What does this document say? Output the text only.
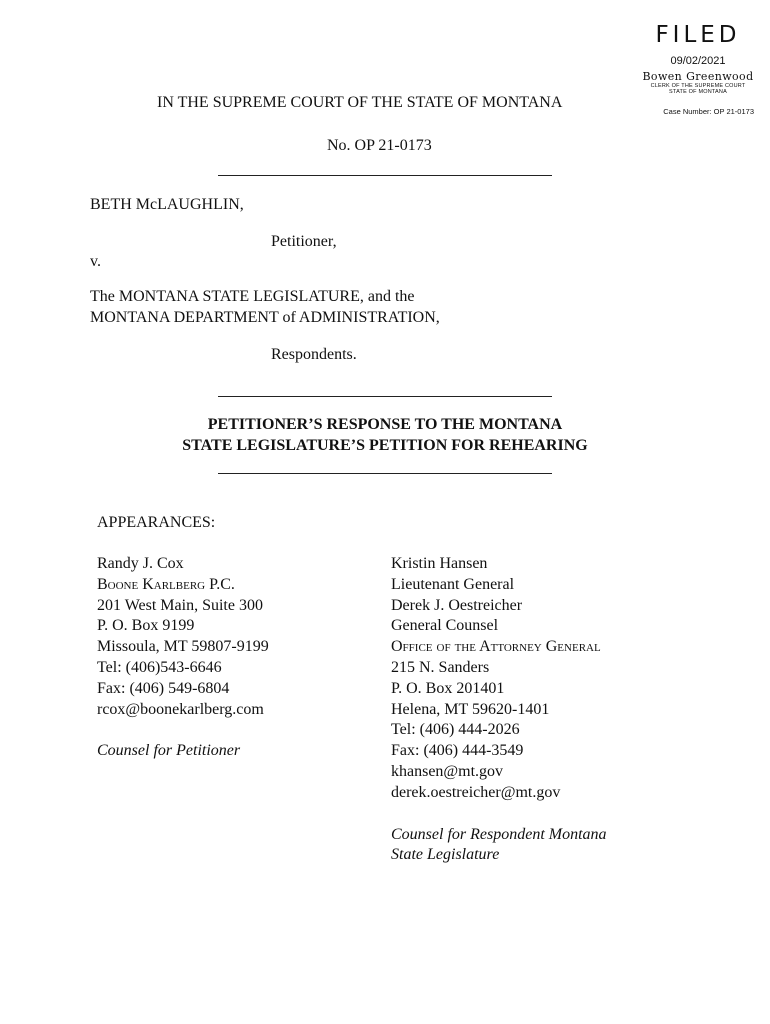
FILED
09/02/2021
Bowen Greenwood
CLERK OF THE SUPREME COURT
STATE OF MONTANA
Case Number: OP 21-0173
IN THE SUPREME COURT OF THE STATE OF MONTANA
No. OP 21-0173
BETH McLAUGHLIN,
Petitioner,
v.
The MONTANA STATE LEGISLATURE, and the
MONTANA DEPARTMENT of ADMINISTRATION,
Respondents.
PETITIONER’S RESPONSE TO THE MONTANA
STATE LEGISLATURE’S PETITION FOR REHEARING
APPEARANCES:
Randy J. Cox
Boone Karlberg P.C.
201 West Main, Suite 300
P. O. Box 9199
Missoula, MT 59807-9199
Tel: (406)543-6646
Fax: (406) 549-6804
rcox@boonekarlberg.com
Counsel for Petitioner
Kristin Hansen
Lieutenant General
Derek J. Oestreicher
General Counsel
Office of the Attorney General
215 N. Sanders
P. O. Box 201401
Helena, MT 59620-1401
Tel: (406) 444-2026
Fax: (406) 444-3549
khansen@mt.gov
derek.oestreicher@mt.gov
Counsel for Respondent Montana
State Legislature
